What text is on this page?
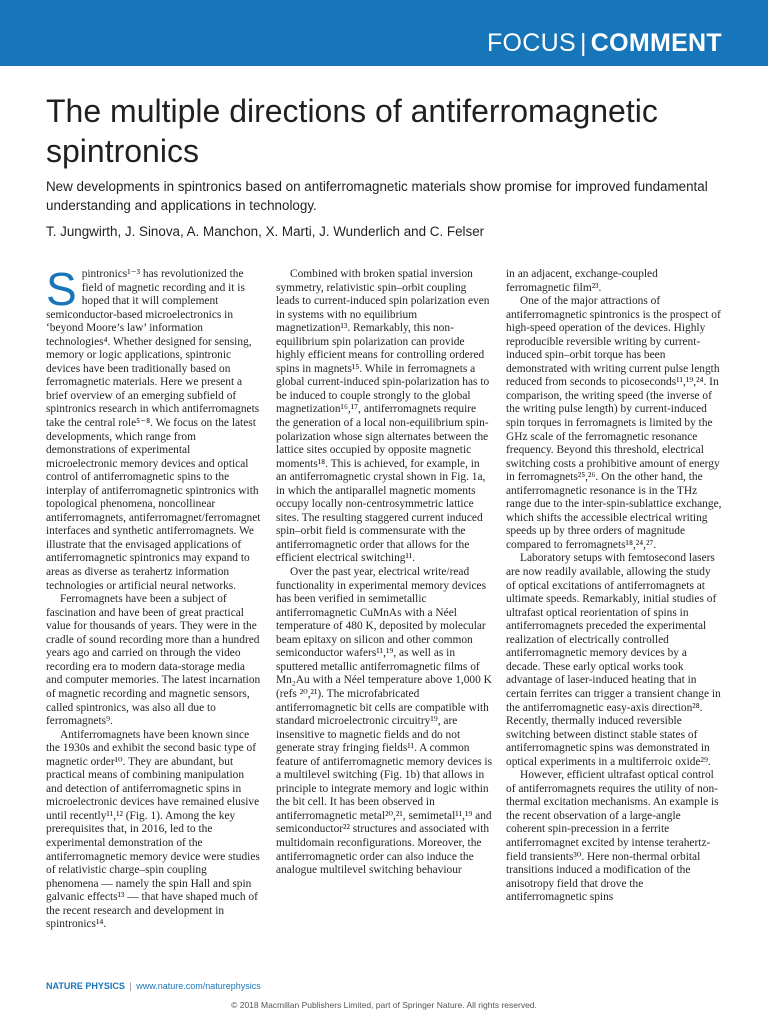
FOCUS | COMMENT
The multiple directions of antiferromagnetic spintronics

New developments in spintronics based on antiferromagnetic materials show promise for improved fundamental understanding and applications in technology.

T. Jungwirth, J. Sinova, A. Manchon, X. Marti, J. Wunderlich and C. Felser

S pintronics¹⁻³ has revolutionized the field of magnetic recording and it is hoped that it will complement semiconductor-based microelectronics in ‘beyond Moore’s law’ information technologies⁴. Whether designed for sensing, memory or logic applications, spintronic devices have been traditionally based on ferromagnetic materials. Here we present a brief overview of an emerging subfield of spintronics research in which antiferromagnets take the central role⁵⁻⁸. We focus on the latest developments, which range from demonstrations of experimental microelectronic memory devices and optical control of antiferromagnetic spins to the interplay of antiferromagnetic spintronics with topological phenomena, noncollinear antiferromagnets, antiferromagnet/ferromagnet interfaces and synthetic antiferromagnets. We illustrate that the envisaged applications of antiferromagnetic spintronics may expand to areas as diverse as terahertz information technologies or artificial neural networks.

Ferromagnets have been a subject of fascination and have been of great practical value for thousands of years. They were in the cradle of sound recording more than a hundred years ago and carried on through the video recording era to modern data-storage media and computer memories. The latest incarnation of magnetic recording and magnetic sensors, called spintronics, was also all due to ferromagnets⁹.

Antiferromagnets have been known since the 1930s and exhibit the second basic type of magnetic order¹⁰. They are abundant, but practical means of combining manipulation and detection of antiferromagnetic spins in microelectronic devices have remained elusive until recently¹¹,¹² (Fig. 1). Among the key prerequisites that, in 2016, led to the experimental demonstration of the antiferromagnetic memory device were studies of relativistic charge–spin coupling phenomena — namely the spin Hall and spin galvanic effects¹³ — that have shaped much of the recent research and development in spintronics¹⁴.

Combined with broken spatial inversion symmetry, relativistic spin–orbit coupling leads to current-induced spin polarization even in systems with no equilibrium magnetization¹³. Remarkably, this non-equilibrium spin polarization can provide highly efficient means for controlling ordered spins in magnets¹⁵. While in ferromagnets a global current-induced spin-polarization has to be induced to couple strongly to the global magnetization¹⁶,¹⁷, antiferromagnets require the generation of a local non-equilibrium spin-polarization whose sign alternates between the lattice sites occupied by opposite magnetic moments¹⁸. This is achieved, for example, in an antiferromagnetic crystal shown in Fig. 1a, in which the antiparallel magnetic moments occupy locally non-centrosymmetric lattice sites. The resulting staggered current induced spin–orbit field is commensurate with the antiferromagnetic order that allows for the efficient electrical switching¹¹.

Over the past year, electrical write/read functionality in experimental memory devices has been verified in semimetallic antiferromagnetic CuMnAs with a Néel temperature of 480 K, deposited by molecular beam epitaxy on silicon and other common semiconductor wafers¹¹,¹⁹, as well as in sputtered metallic antiferromagnetic films of Mn₂Au with a Néel temperature above 1,000 K (refs ²⁰,²¹). The microfabricated antiferromagnetic bit cells are compatible with standard microelectronic circuitry¹⁹, are insensitive to magnetic fields and do not generate stray fringing fields¹¹. A common feature of antiferromagnetic memory devices is a multilevel switching (Fig. 1b) that allows in principle to integrate memory and logic within the bit cell. It has been observed in antiferromagnetic metal²⁰,²¹, semimetal¹¹,¹⁹ and semiconductor²² structures and associated with multidomain reconfigurations. Moreover, the antiferromagnetic order can also induce the analogue multilevel switching behaviour

in an adjacent, exchange-coupled ferromagnetic film²³.

One of the major attractions of antiferromagnetic spintronics is the prospect of high-speed operation of the devices. Highly reproducible reversible writing by current-induced spin–orbit torque has been demonstrated with writing current pulse length reduced from seconds to picoseconds¹¹,¹⁹,²⁴. In comparison, the writing speed (the inverse of the writing pulse length) by current-induced spin torques in ferromagnets is limited by the GHz scale of the ferromagnetic resonance frequency. Beyond this threshold, electrical switching costs a prohibitive amount of energy in ferromagnets²⁵,²⁶. On the other hand, the antiferromagnetic resonance is in the THz range due to the inter-spin-sublattice exchange, which shifts the accessible electrical writing speeds up by three orders of magnitude compared to ferromagnets¹⁸,²⁴,²⁷.

Laboratory setups with femtosecond lasers are now readily available, allowing the study of optical excitations of antiferromagnets at ultimate speeds. Remarkably, initial studies of ultrafast optical reorientation of spins in antiferromagnets preceded the experimental realization of electrically controlled antiferromagnetic memory devices by a decade. These early optical works took advantage of laser-induced heating that in certain ferrites can trigger a transient change in the antiferromagnetic easy-axis direction²⁸. Recently, thermally induced reversible switching between distinct stable states of antiferromagnetic spins was demonstrated in optical experiments in a multiferroic oxide²⁹.

However, efficient ultrafast optical control of antiferromagnets requires the utility of non-thermal excitation mechanisms. An example is the recent observation of a large-angle coherent spin-precession in a ferrite antiferromagnet excited by intense terahertz-field transients³⁰. Here non-thermal orbital transitions induced a modification of the anisotropy field that drove the antiferromagnetic spins

NATURE PHYSICS | www.nature.com/naturephysics
© 2018 Macmillan Publishers Limited, part of Springer Nature. All rights reserved.
